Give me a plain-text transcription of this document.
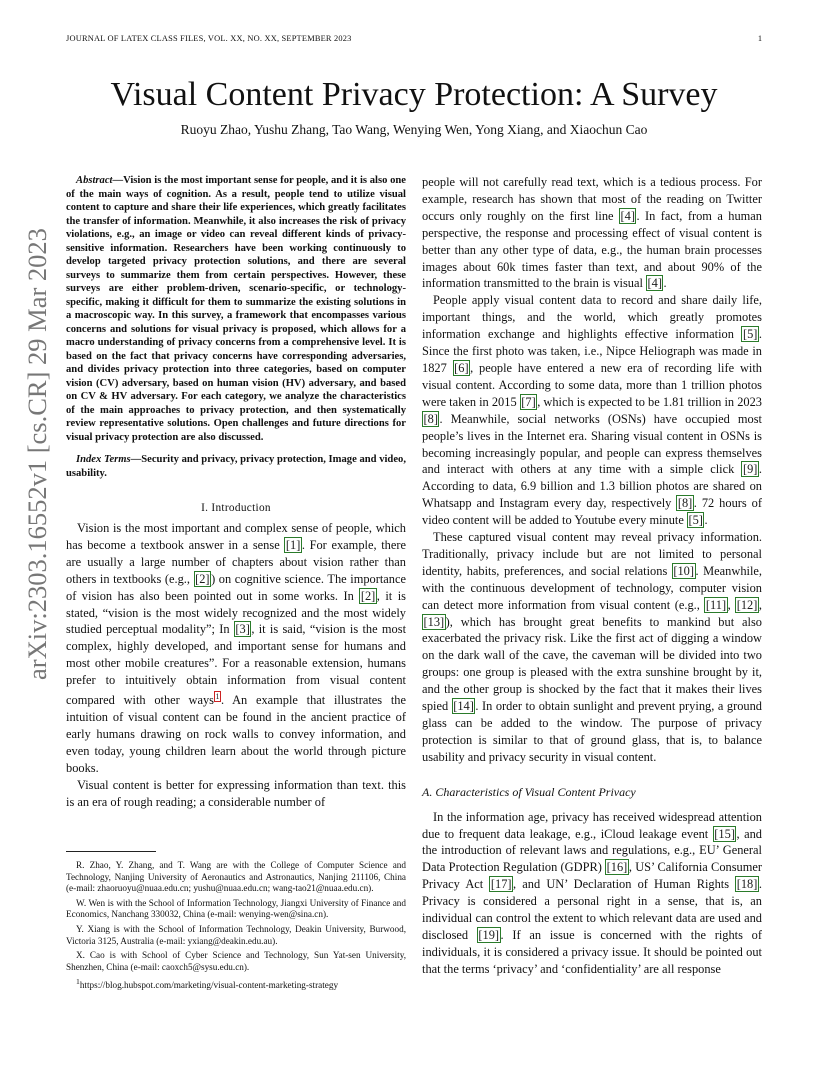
JOURNAL OF LATEX CLASS FILES, VOL. XX, NO. XX, SEPTEMBER 2023	1
Visual Content Privacy Protection: A Survey
Ruoyu Zhao, Yushu Zhang, Tao Wang, Wenying Wen, Yong Xiang, and Xiaochun Cao
arXiv:2303.16552v1 [cs.CR] 29 Mar 2023

Abstract—Vision is the most important sense for people, and it is also one of the main ways of cognition. As a result, people tend to utilize visual content to capture and share their life experiences, which greatly facilitates the transfer of information. Meanwhile, it also increases the risk of privacy violations, e.g., an image or video can reveal different kinds of privacy-sensitive information. Researchers have been working continuously to develop targeted privacy protection solutions, and there are several surveys to summarize them from certain perspectives. However, these surveys are either problem-driven, scenario-specific, or technology-specific, making it difficult for them to summarize the existing solutions in a macroscopic way. In this survey, a framework that encompasses various concerns and solutions for visual privacy is proposed, which allows for a macro understanding of privacy concerns from a comprehensive level. It is based on the fact that privacy concerns have corresponding adversaries, and divides privacy protection into three categories, based on computer vision (CV) adversary, based on human vision (HV) adversary, and based on CV & HV adversary. For each category, we analyze the characteristics of the main approaches to privacy protection, and then systematically review representative solutions. Open challenges and future directions for visual privacy protection are also discussed.

Index Terms—Security and privacy, privacy protection, Image and video, usability.

I. Introduction

Vision is the most important and complex sense of people, which has become a textbook answer in a sense [1] . For example, there are usually a large number of chapters about vision rather than others in textbooks (e.g., [2] ) on cognitive science. The importance of vision has also been pointed out in some works. In [2] , it is stated, “vision is the most widely recognized and the most widely studied perceptual modality”; In [3] , it is said, “vision is the most complex, highly developed, and important sense for humans and most other mobile creatures”. For a reasonable extension, humans prefer to intuitively obtain information from visual content compared with other ways $^1$ . An example that illustrates the intuition of visual content can be found in the ancient practice of early humans drawing on rock walls to convey information, and even today, young children learn about the world through picture books.

Visual content is better for expressing information than text. this is an era of rough reading; a considerable number of

R. Zhao, Y. Zhang, and T. Wang are with the College of Computer Science and Technology, Nanjing University of Aeronautics and Astronautics, Nanjing 211106, China (e-mail: zhaoruoyu@nuaa.edu.cn; yushu@nuaa.edu.cn; wang-tao21@nuaa.edu.cn).

W. Wen is with the School of Information Technology, Jiangxi University of Finance and Economics, Nanchang 330032, China (e-mail: wenying-wen@sina.cn).

Y. Xiang is with the School of Information Technology, Deakin University, Burwood, Victoria 3125, Australia (e-mail: yxiang@deakin.edu.au).

X. Cao is with School of Cyber Science and Technology, Sun Yat-sen University, Shenzhen, China (e-mail: caoxch5@sysu.edu.cn).

$^1$https://blog.hubspot.com/marketing/visual-content-marketing-strategy

people will not carefully read text, which is a tedious process. For example, research has shown that most of the reading on Twitter occurs only roughly on the first line [4] . In fact, from a human perspective, the response and processing effect of visual content is better than any other type of data, e.g., the human brain processes images about 60k times faster than text, and about 90% of the information transmitted to the brain is visual [4] .

People apply visual content data to record and share daily life, important things, and the world, which greatly promotes information exchange and highlights effective information [5] . Since the first photo was taken, i.e., Nipce Heliograph was made in 1827 [6] , people have entered a new era of recording life with visual content. According to some data, more than 1 trillion photos were taken in 2015 [7] , which is expected to be 1.81 trillion in 2023 [8] . Meanwhile, social networks (OSNs) have occupied most people’s lives in the Internet era. Sharing visual content in OSNs is becoming increasingly popular, and people can express themselves and interact with others at any time with a simple click [9] . According to data, 6.9 billion and 1.3 billion photos are shared on Whatsapp and Instagram every day, respectively [8] . 72 hours of video content will be added to Youtube every minute [5] .

These captured visual content may reveal privacy information. Traditionally, privacy include but are not limited to personal identity, habits, preferences, and social relations [10] . Meanwhile, with the continuous development of technology, computer vision can detect more information from visual content (e.g., [11] , [12] , [13] ), which has brought great benefits to mankind but also exacerbated the privacy risk. Like the first act of digging a window on the dark wall of the cave, the caveman will be divided into two groups: one group is pleased with the extra sunshine brought by it, and the other group is shocked by the fact that it makes their lives spied [14] . In order to obtain sunlight and prevent prying, a ground glass can be added to the window. The purpose of privacy protection is similar to that of ground glass, that is, to balance usability and privacy security in visual content.

A. Characteristics of Visual Content Privacy

In the information age, privacy has received widespread attention due to frequent data leakage, e.g., iCloud leakage event [15] , and the introduction of relevant laws and regulations, e.g., EU’ General Data Protection Regulation (GDPR) [16] , US’ California Consumer Privacy Act [17] , and UN’ Declaration of Human Rights [18] . Privacy is considered a personal right in a sense, that is, an individual can control the extent to which relevant data are used and disclosed [19] . If an issue is concerned with the rights of individuals, it is considered a privacy issue. It should be pointed out that the terms ‘privacy’ and ‘confidentiality’ are all response
